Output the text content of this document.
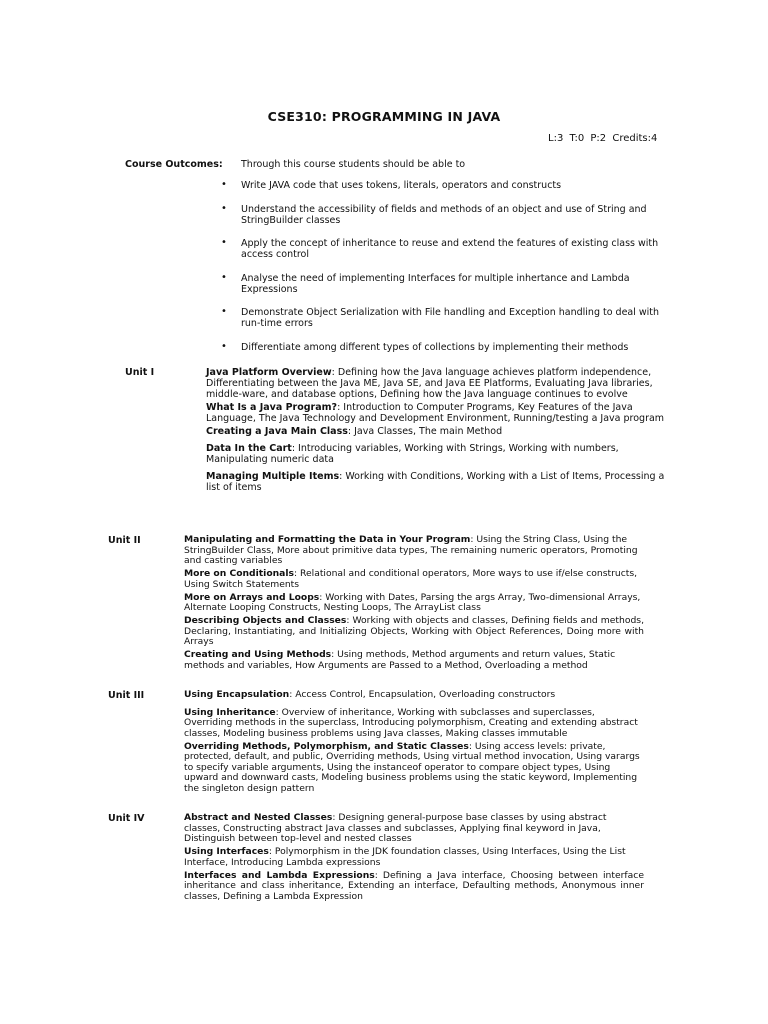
CSE310: PROGRAMMING IN JAVA
L:3 T:0 P:2 Credits:4
Course Outcomes: Through this course students should be able to
• Write JAVA code that uses tokens, literals, operators and constructs
• Understand the accessibility of fields and methods of an object and use of String and StringBuilder classes
• Apply the concept of inheritance to reuse and extend the features of existing class with access control
• Analyse the need of implementing Interfaces for multiple inhertance and Lambda Expressions
• Demonstrate Object Serialization with File handling and Exception handling to deal with run-time errors
• Differentiate among different types of collections by implementing their methods
Unit I	Java Platform Overview: Defining how the Java language achieves platform independence, Differentiating between the Java ME, Java SE, and Java EE Platforms, Evaluating Java libraries, middle-ware, and database options, Defining how the Java language continues to evolve
What Is a Java Program?: Introduction to Computer Programs, Key Features of the Java Language, The Java Technology and Development Environment, Running/testing a Java program
Creating a Java Main Class: Java Classes, The main Method
Data In the Cart: Introducing variables, Working with Strings, Working with numbers, Manipulating numeric data
Managing Multiple Items: Working with Conditions, Working with a List of Items, Processing a list of items
Unit II	Manipulating and Formatting the Data in Your Program: Using the String Class, Using the StringBuilder Class, More about primitive data types, The remaining numeric operators, Promoting and casting variables
More on Conditionals: Relational and conditional operators, More ways to use if/else constructs, Using Switch Statements
More on Arrays and Loops: Working with Dates, Parsing the args Array, Two-dimensional Arrays, Alternate Looping Constructs, Nesting Loops, The ArrayList class
Describing Objects and Classes: Working with objects and classes, Defining fields and methods, Declaring, Instantiating, and Initializing Objects, Working with Object References, Doing more with Arrays
Creating and Using Methods: Using methods, Method arguments and return values, Static methods and variables, How Arguments are Passed to a Method, Overloading a method
Unit III	Using Encapsulation: Access Control, Encapsulation, Overloading constructors
Using Inheritance: Overview of inheritance, Working with subclasses and superclasses, Overriding methods in the superclass, Introducing polymorphism, Creating and extending abstract classes, Modeling business problems using Java classes, Making classes immutable
Overriding Methods, Polymorphism, and Static Classes: Using access levels: private, protected, default, and public, Overriding methods, Using virtual method invocation, Using varargs to specify variable arguments, Using the instanceof operator to compare object types, Using upward and downward casts, Modeling business problems using the static keyword, Implementing the singleton design pattern
Unit IV	Abstract and Nested Classes: Designing general-purpose base classes by using abstract classes, Constructing abstract Java classes and subclasses, Applying final keyword in Java, Distinguish between top-level and nested classes
Using Interfaces: Polymorphism in the JDK foundation classes, Using Interfaces, Using the List Interface, Introducing Lambda expressions
Interfaces and Lambda Expressions: Defining a Java interface, Choosing between interface inheritance and class inheritance, Extending an interface, Defaulting methods, Anonymous inner classes, Defining a Lambda Expression
